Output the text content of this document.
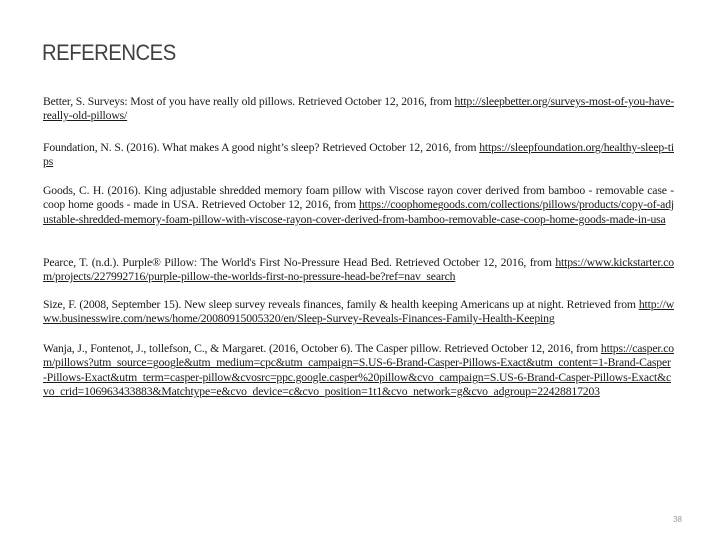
REFERENCES

Better, S. Surveys: Most of you have really old pillows. Retrieved October 12, 2016, from http://sleepbetter.org/surveys-most-of-you-have-really-old-pillows/

Foundation, N. S. (2016). What makes A good night’s sleep? Retrieved October 12, 2016, from https://sleepfoundation.org/healthy-sleep-tips

Goods, C. H. (2016). King adjustable shredded memory foam pillow with Viscose rayon cover derived from bamboo - removable case - coop home goods - made in USA. Retrieved October 12, 2016, from https://coophomegoods.com/collections/pillows/products/copy-of-adjustable-shredded-memory-foam-pillow-with-viscose-rayon-cover-derived-from-bamboo-removable-case-coop-home-goods-made-in-usa

Pearce, T. (n.d.). Purple® Pillow: The World's First No-Pressure Head Bed. Retrieved October 12, 2016, from https://www.kickstarter.com/projects/227992716/purple-pillow-the-worlds-first-no-pressure-head-be?ref=nav_search

Size, F. (2008, September 15). New sleep survey reveals finances, family & health keeping Americans up at night. Retrieved from http://www.businesswire.com/news/home/20080915005320/en/Sleep-Survey-Reveals-Finances-Family-Health-Keeping

Wanja, J., Fontenot, J., tollefson, C., & Margaret. (2016, October 6). The Casper pillow. Retrieved October 12, 2016, from https://casper.com/pillows?utm_source=google&utm_medium=cpc&utm_campaign=S.US-6-Brand-Casper-Pillows-Exact&utm_content=1-Brand-Casper-Pillows-Exact&utm_term=casper-pillow&cvosrc=ppc.google.casper%20pillow&cvo_campaign=S.US-6-Brand-Casper-Pillows-Exact&cvo_crid=106963433883&Matchtype=e&cvo_device=c&cvo_position=1t1&cvo_network=g&cvo_adgroup=22428817203

38
